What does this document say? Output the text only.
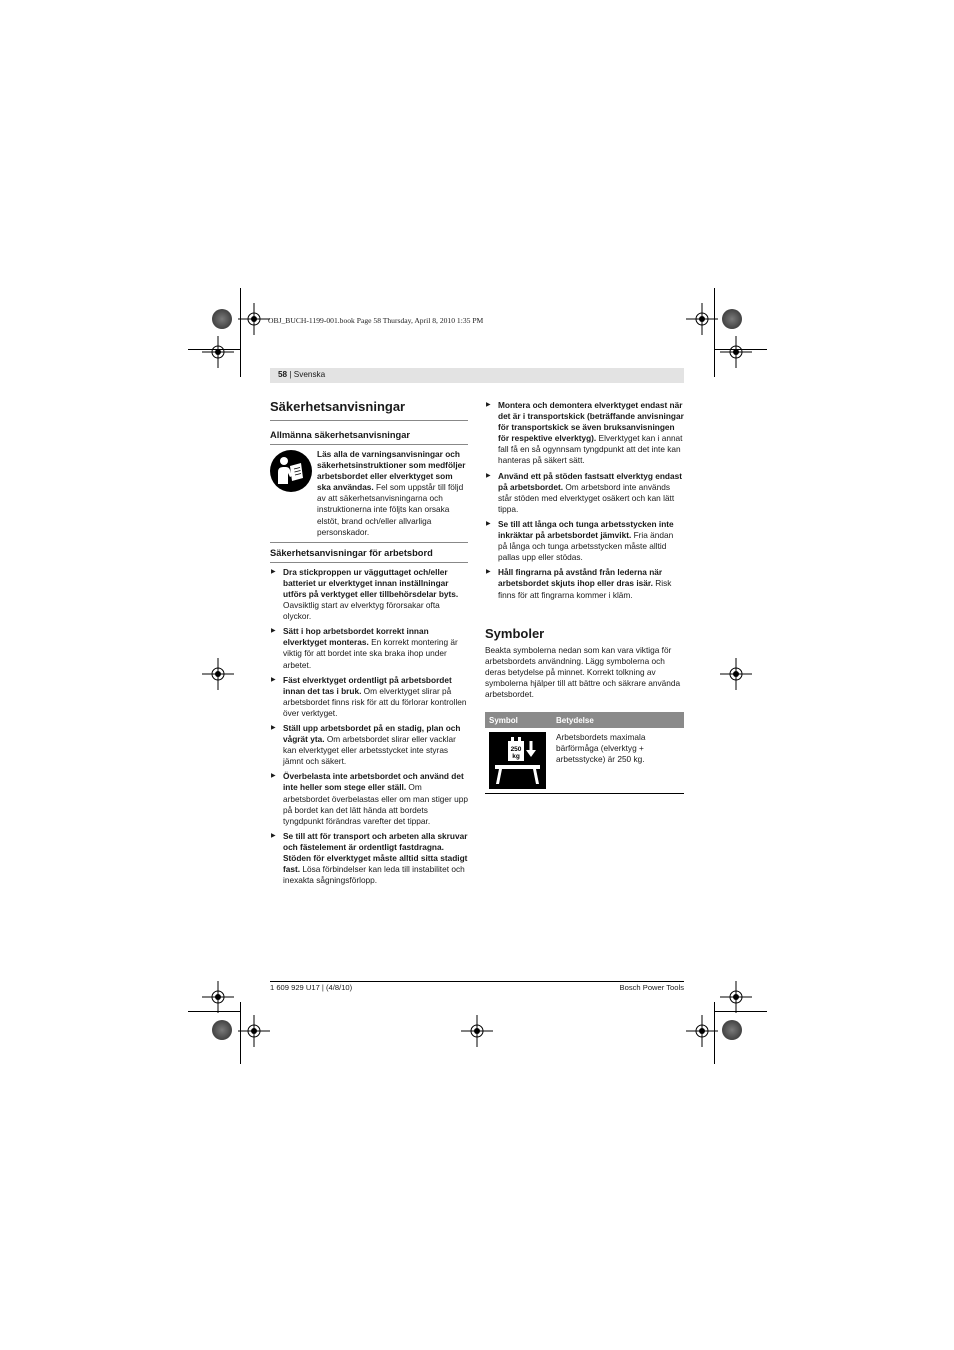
OBJ_BUCH-1199-001.book Page 58 Thursday, April 8, 2010 1:35 PM
58 | Svenska
Säkerhetsanvisningar
Allmänna säkerhetsanvisningar
Läs alla de varningsanvisningar och säkerhetsinstruktioner som medföljer arbetsbordet eller elverktyget som ska användas. Fel som uppstår till följd av att säkerhetsanvisningarna och instruktionerna inte följts kan orsaka elstöt, brand och/eller allvarliga personskador.
Säkerhetsanvisningar för arbetsbord
▶ Dra stickproppen ur vägguttaget och/eller batteriet ur elverktyget innan inställningar utförs på verktyget eller tillbehörsdelar byts. Oavsiktlig start av elverktyg förorsakar ofta olyckor.
▶ Sätt i hop arbetsbordet korrekt innan elverktyget monteras. En korrekt montering är viktig för att bordet inte ska braka ihop under arbetet.
▶ Fäst elverktyget ordentligt på arbetsbordet innan det tas i bruk. Om elverktyget slirar på arbetsbordet finns risk för att du förlorar kontrollen över verktyget.
▶ Ställ upp arbetsbordet på en stadig, plan och vågrät yta. Om arbetsbordet slirar eller vacklar kan elverktyget eller arbetsstycket inte styras jämnt och säkert.
▶ Överbelasta inte arbetsbordet och använd det inte heller som stege eller ställ. Om arbetsbordet överbelastas eller om man stiger upp på bordet kan det lätt hända att bordets tyngdpunkt förändras varefter det tippar.
▶ Se till att för transport och arbeten alla skruvar och fästelement är ordentligt fastdragna. Stöden för elverktyget måste alltid sitta stadigt fast. Lösa förbindelser kan leda till instabilitet och inexakta sågningsförlopp.
▶ Montera och demontera elverktyget endast när det är i transportskick (beträffande anvisningar för transportskick se även bruksanvisningen för respektive elverktyg). Elverktyget kan i annat fall få en så ogynnsam tyngdpunkt att det inte kan hanteras på säkert sätt.
▶ Använd ett på stöden fastsatt elverktyg endast på arbetsbordet. Om arbetsbord inte används står stöden med elverktyget osäkert och kan lätt tippa.
▶ Se till att långa och tunga arbetsstycken inte inkräktar på arbetsbordet jämvikt. Fria ändan på långa och tunga arbetsstycken måste alltid pallas upp eller stödas.
▶ Håll fingrarna på avstånd från lederna när arbetsbordet skjuts ihop eller dras isär. Risk finns för att fingrarna kommer i kläm.
Symboler
Beakta symbolerna nedan som kan vara viktiga för arbetsbordets användning. Lägg symbolerna och deras betydelse på minnet. Korrekt tolkning av symbolerna hjälper till att bättre och säkrare använda arbetsbordet.
Symbol	Betydelse

250
kg	Arbetsbordets maximala bärförmåga (elverktyg + arbetsstycke) är 250 kg.
1 609 929 U17 | (4/8/10)	Bosch Power Tools
